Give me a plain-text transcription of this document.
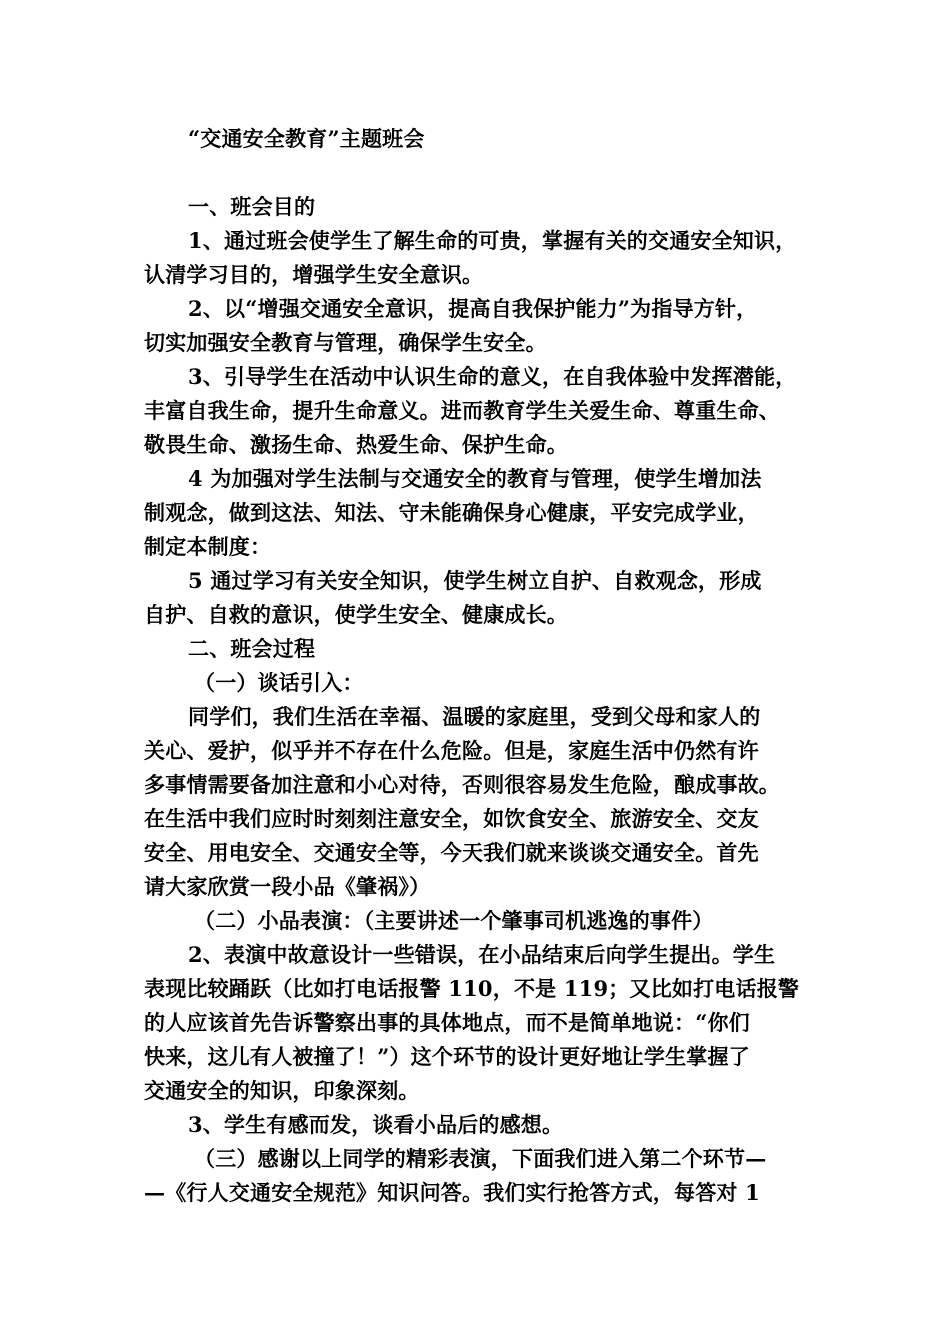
“交通安全教育”主题班会
一、班会目的
1、通过班会使学生了解生命的可贵，掌握有关的交通安全知识，
认清学习目的，增强学生安全意识。
2、以“增强交通安全意识，提高自我保护能力”为指导方针，
切实加强安全教育与管理，确保学生安全。
3、引导学生在活动中认识生命的意义，在自我体验中发挥潜能，
丰富自我生命，提升生命意义。进而教育学生关爱生命、尊重生命、
敬畏生命、激扬生命、热爱生命、保护生命。
4 为加强对学生法制与交通安全的教育与管理，使学生增加法
制观念，做到这法、知法、守未能确保身心健康，平安完成学业，
制定本制度：
5 通过学习有关安全知识，使学生树立自护、自救观念，形成
自护、自救的意识，使学生安全、健康成长。
二、班会过程
（一）谈话引入：
同学们，我们生活在幸福、温暖的家庭里，受到父母和家人的
关心、爱护，似乎并不存在什么危险。但是，家庭生活中仍然有许
多事情需要备加注意和小心对待，否则很容易发生危险，酿成事故。
在生活中我们应时时刻刻注意安全，如饮食安全、旅游安全、交友
安全、用电安全、交通安全等，今天我们就来谈谈交通安全。首先
请大家欣赏一段小品《肇祸》）
（二）小品表演：（主要讲述一个肇事司机逃逸的事件）
2、表演中故意设计一些错误，在小品结束后向学生提出。学生
表现比较踊跃（比如打电话报警 110，不是 119；又比如打电话报警
的人应该首先告诉警察出事的具体地点，而不是简单地说：“你们
快来，这儿有人被撞了！”）这个环节的设计更好地让学生掌握了
交通安全的知识，印象深刻。
3、学生有感而发，谈看小品后的感想。
（三）感谢以上同学的精彩表演，下面我们进入第二个环节—
—《行人交通安全规范》知识问答。我们实行抢答方式，每答对 1
